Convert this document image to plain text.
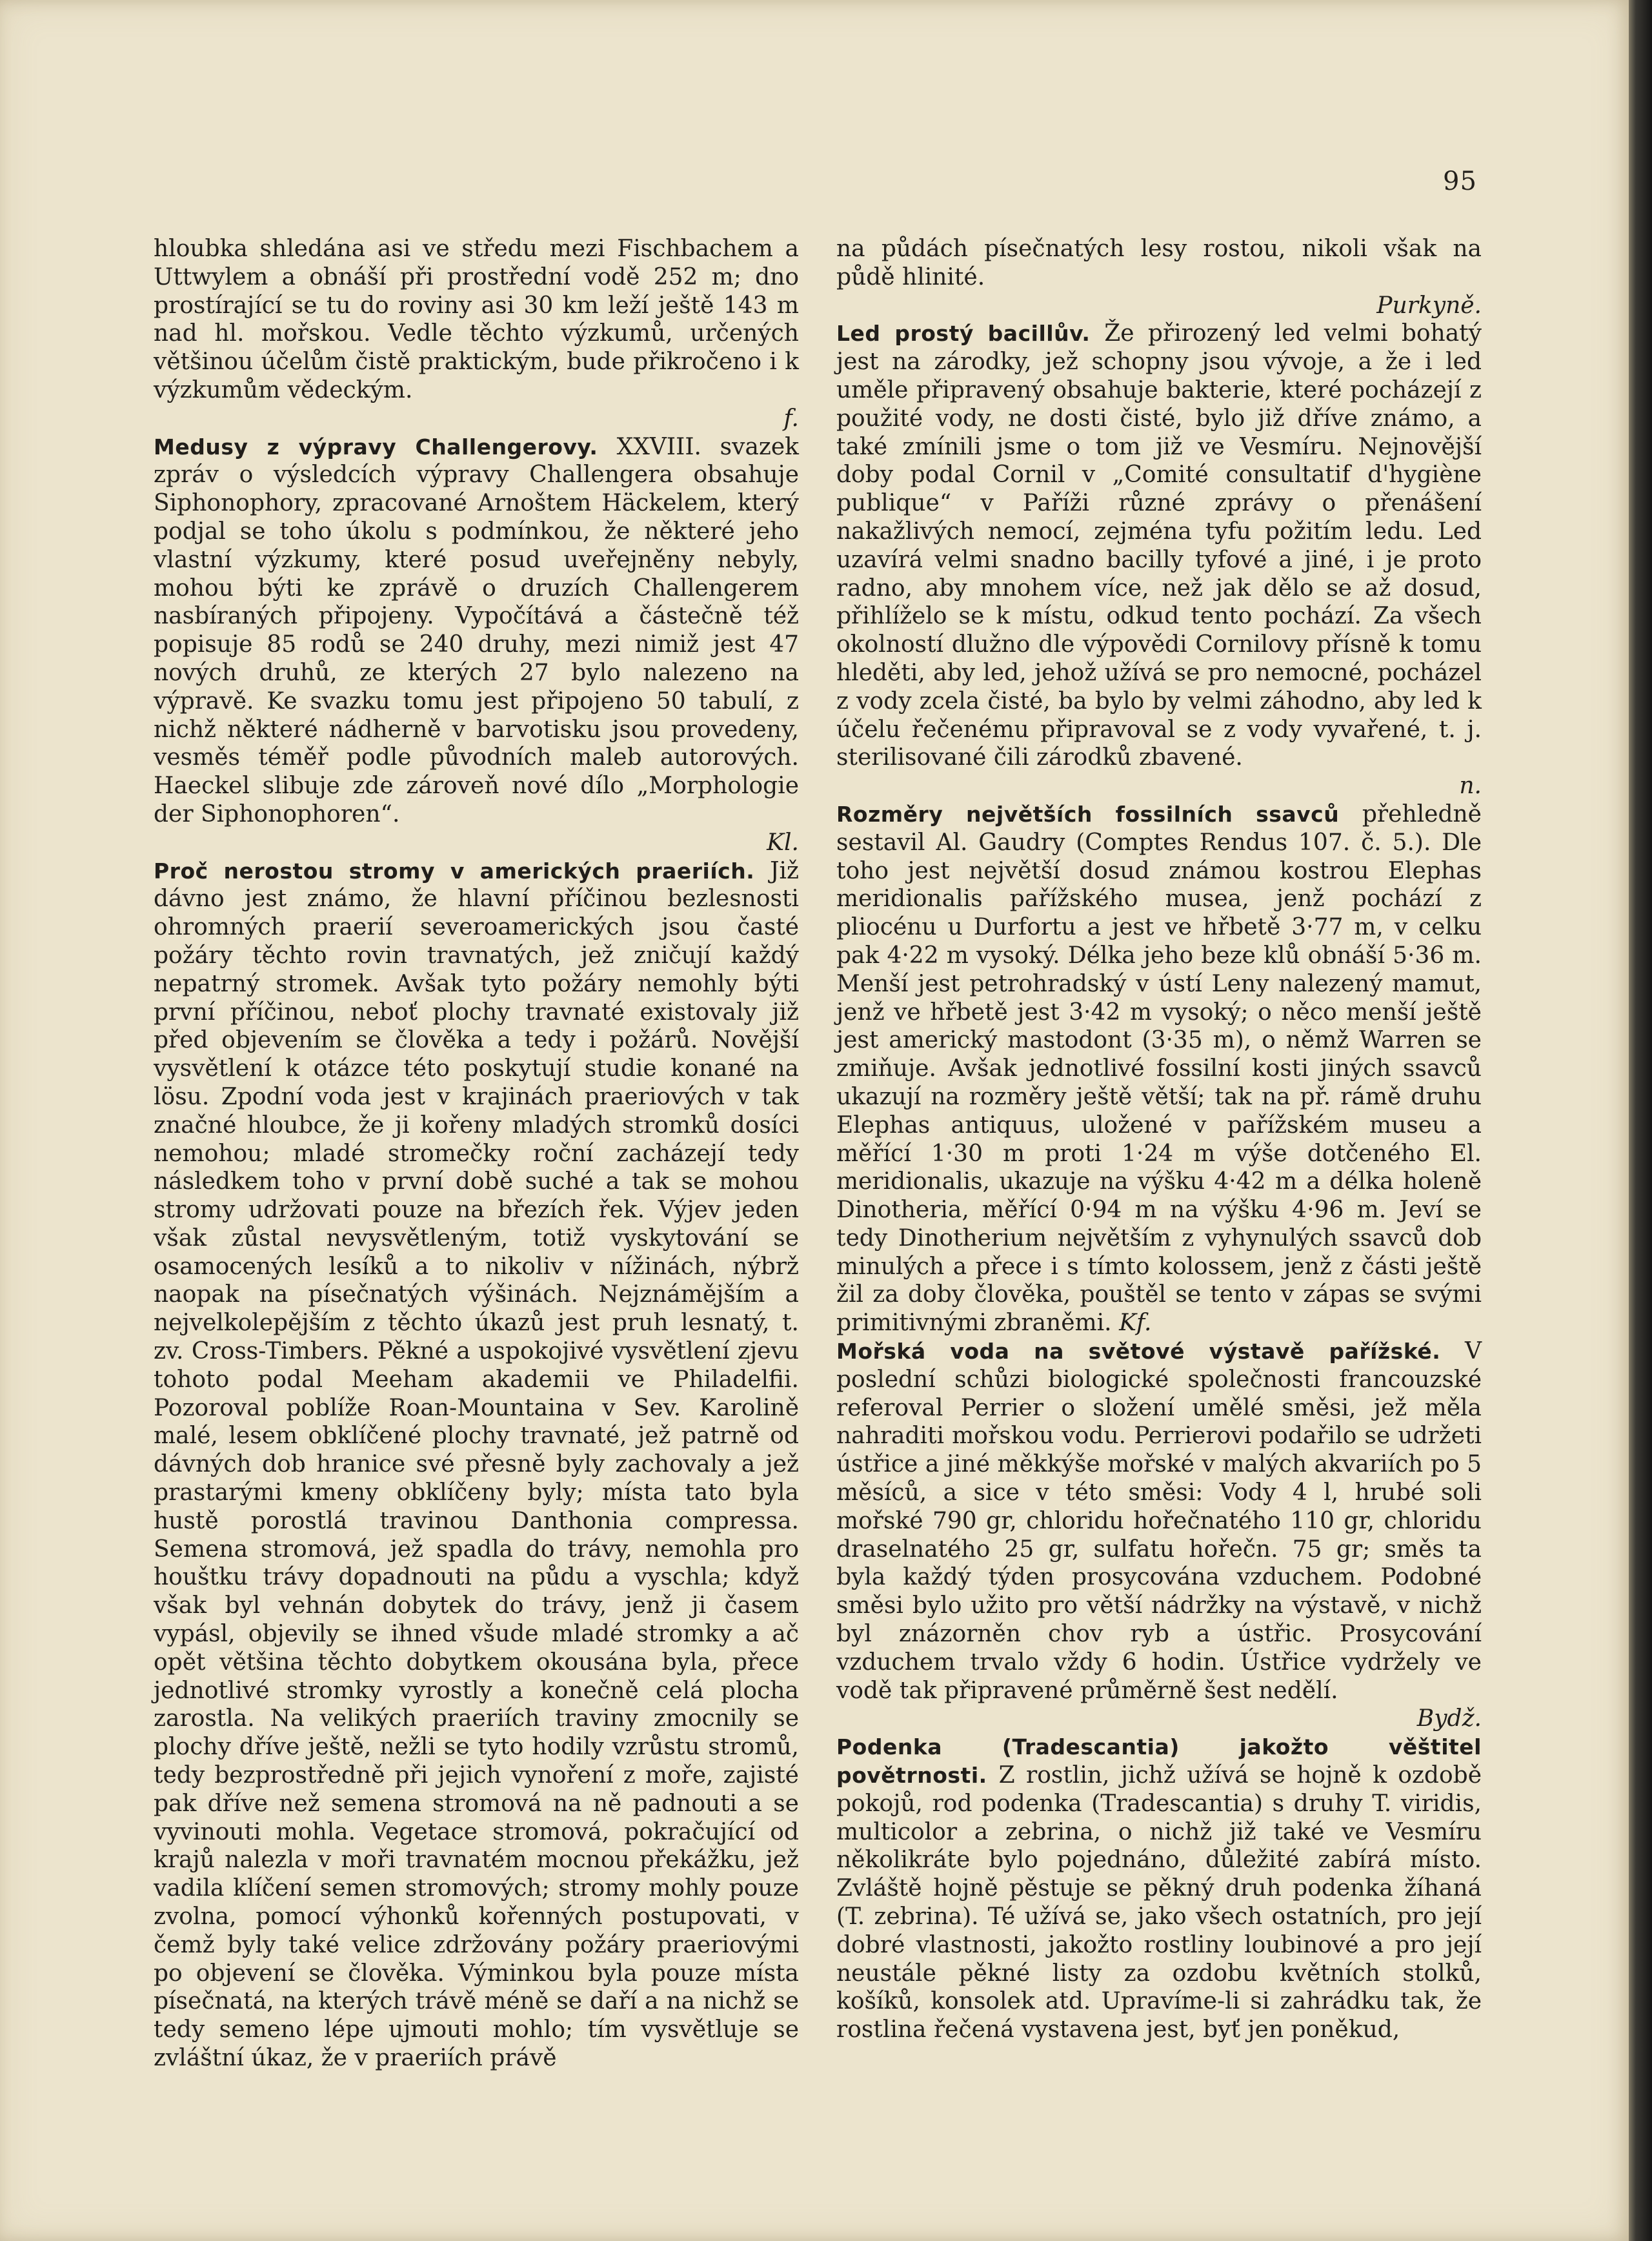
95

hloubka shledána asi ve středu mezi Fischbachem a Uttwylem a obnáší při prostřední vodě 252 m; dno prostírající se tu do roviny asi 30 km leží ještě 143 m nad hl. mořskou. Vedle těchto výzkumů, určených většinou účelům čistě praktickým, bude přikročeno i k výzkumům vědeckým.
f.

Medusy z výpravy Challengerovy. XXVIII. svazek zpráv o výsledcích výpravy Challengera obsahuje Siphonophory, zpracované Arnoštem Häckelem, který podjal se toho úkolu s podmínkou, že některé jeho vlastní výzkumy, které posud uveřejněny nebyly, mohou býti ke zprávě o druzích Challengerem nasbíraných připojeny. Vypočítává a částečně též popisuje 85 rodů se 240 druhy, mezi nimiž jest 47 nových druhů, ze kterých 27 bylo nalezeno na výpravě. Ke svazku tomu jest připojeno 50 tabulí, z nichž některé nádherně v barvotisku jsou provedeny, vesměs téměř podle původních maleb autorových. Haeckel slibuje zde zároveň nové dílo „Morphologie der Siphonophoren“.
Kl.

Proč nerostou stromy v amerických praeriích. Již dávno jest známo, že hlavní příčinou bezlesnosti ohromných praerií severoamerických jsou časté požáry těchto rovin travnatých, jež zničují každý nepatrný stromek. Avšak tyto požáry nemohly býti první příčinou, neboť plochy travnaté existovaly již před objevením se člověka a tedy i požárů. Novější vysvětlení k otázce této poskytují studie konané na lösu. Zpodní voda jest v krajinách praeriových v tak značné hloubce, že ji kořeny mladých stromků dosíci nemohou; mladé stromečky roční zacházejí tedy následkem toho v první době suché a tak se mohou stromy udržovati pouze na březích řek. Výjev jeden však zůstal nevysvětleným, totiž vyskytování se osamocených lesíků a to nikoliv v nížinách, nýbrž naopak na písečnatých výšinách. Nejznámějším a nejvelkolepějším z těchto úkazů jest pruh lesnatý, t. zv. Cross-Timbers. Pěkné a uspokojivé vysvětlení zjevu tohoto podal Meeham akademii ve Philadelfii. Pozoroval poblíže Roan-Mountaina v Sev. Karolině malé, lesem obklíčené plochy travnaté, jež patrně od dávných dob hranice své přesně byly zachovaly a jež prastarými kmeny obklíčeny byly; místa tato byla hustě porostlá travinou Danthonia compressa. Semena stromová, jež spadla do trávy, nemohla pro houštku trávy dopadnouti na půdu a vyschla; když však byl vehnán dobytek do trávy, jenž ji časem vypásl, objevily se ihned všude mladé stromky a ač opět většina těchto dobytkem okousána byla, přece jednotlivé stromky vyrostly a konečně celá plocha zarostla. Na velikých praeriích traviny zmocnily se plochy dříve ještě, nežli se tyto hodily vzrůstu stromů, tedy bezprostředně při jejich vynoření z moře, zajisté pak dříve než semena stromová na ně padnouti a se vyvinouti mohla. Vegetace stromová, pokračující od krajů nalezla v moři travnatém mocnou překážku, jež vadila klíčení semen stromových; stromy mohly pouze zvolna, pomocí výhonků kořenných postupovati, v čemž byly také velice zdržovány požáry praeriovými po objevení se člověka. Výminkou byla pouze místa písečnatá, na kterých trávě méně se daří a na nichž se tedy semeno lépe ujmouti mohlo; tím vysvětluje se zvláštní úkaz, že v praeriích právě

na půdách písečnatých lesy rostou, nikoli však na půdě hlinité.
Purkyně.

Led prostý bacillův. Že přirozený led velmi bohatý jest na zárodky, jež schopny jsou vývoje, a že i led uměle připravený obsahuje bakterie, které pocházejí z použité vody, ne dosti čisté, bylo již dříve známo, a také zmínili jsme o tom již ve Vesmíru. Nejnovější doby podal Cornil v „Comité consultatif d'hygiène publique“ v Paříži různé zprávy o přenášení nakažlivých nemocí, zejména tyfu požitím ledu. Led uzavírá velmi snadno bacilly tyfové a jiné, i je proto radno, aby mnohem více, než jak dělo se až dosud, přihlíželo se k místu, odkud tento pochází. Za všech okolností dlužno dle výpovědi Cornilovy přísně k tomu hleděti, aby led, jehož užívá se pro nemocné, pocházel z vody zcela čisté, ba bylo by velmi záhodno, aby led k účelu řečenému připravoval se z vody vyvařené, t. j. sterilisované čili zárodků zbavené.
n.

Rozměry největších fossilních ssavců přehledně sestavil Al. Gaudry (Comptes Rendus 107. č. 5.). Dle toho jest největší dosud známou kostrou Elephas meridionalis pařížského musea, jenž pochází z pliocénu u Durfortu a jest ve hřbetě 3·77 m, v celku pak 4·22 m vysoký. Délka jeho beze klů obnáší 5·36 m. Menší jest petrohradský v ústí Leny nalezený mamut, jenž ve hřbetě jest 3·42 m vysoký; o něco menší ještě jest americký mastodont (3·35 m), o němž Warren se zmiňuje. Avšak jednotlivé fossilní kosti jiných ssavců ukazují na rozměry ještě větší; tak na př. rámě druhu Elephas antiquus, uložené v pařížském museu a měřící 1·30 m proti 1·24 m výše dotčeného El. meridionalis, ukazuje na výšku 4·42 m a délka holeně Dinotheria, měřící 0·94 m na výšku 4·96 m. Jeví se tedy Dinotherium největším z vyhynulých ssavců dob minulých a přece i s tímto kolossem, jenž z části ještě žil za doby člověka, pouštěl se tento v zápas se svými primitivnými zbraněmi. Kf.

Mořská voda na světové výstavě pařížské. V poslední schůzi biologické společnosti francouzské referoval Perrier o složení umělé směsi, jež měla nahraditi mořskou vodu. Perrierovi podařilo se udržeti ústřice a jiné měkkýše mořské v malých akvariích po 5 měsíců, a sice v této směsi: Vody 4 l, hrubé soli mořské 790 gr, chloridu hořečnatého 110 gr, chloridu draselnatého 25 gr, sulfatu hořečn. 75 gr; směs ta byla každý týden prosycována vzduchem. Podobné směsi bylo užito pro větší nádržky na výstavě, v nichž byl znázorněn chov ryb a ústřic. Prosycování vzduchem trvalo vždy 6 hodin. Ústřice vydržely ve vodě tak připravené průměrně šest nedělí.
Bydž.

Podenka (Tradescantia) jakožto věštitel povětrnosti. Z rostlin, jichž užívá se hojně k ozdobě pokojů, rod podenka (Tradescantia) s druhy T. viridis, multicolor a zebrina, o nichž již také ve Vesmíru několikráte bylo pojednáno, důležité zabírá místo. Zvláště hojně pěstuje se pěkný druh podenka žíhaná (T. zebrina). Té užívá se, jako všech ostatních, pro její dobré vlastnosti, jakožto rostliny loubinové a pro její neustále pěkné listy za ozdobu květních stolků, košíků, konsolek atd. Upravíme-li si zahrádku tak, že rostlina řečená vystavena jest, byť jen poněkud,
